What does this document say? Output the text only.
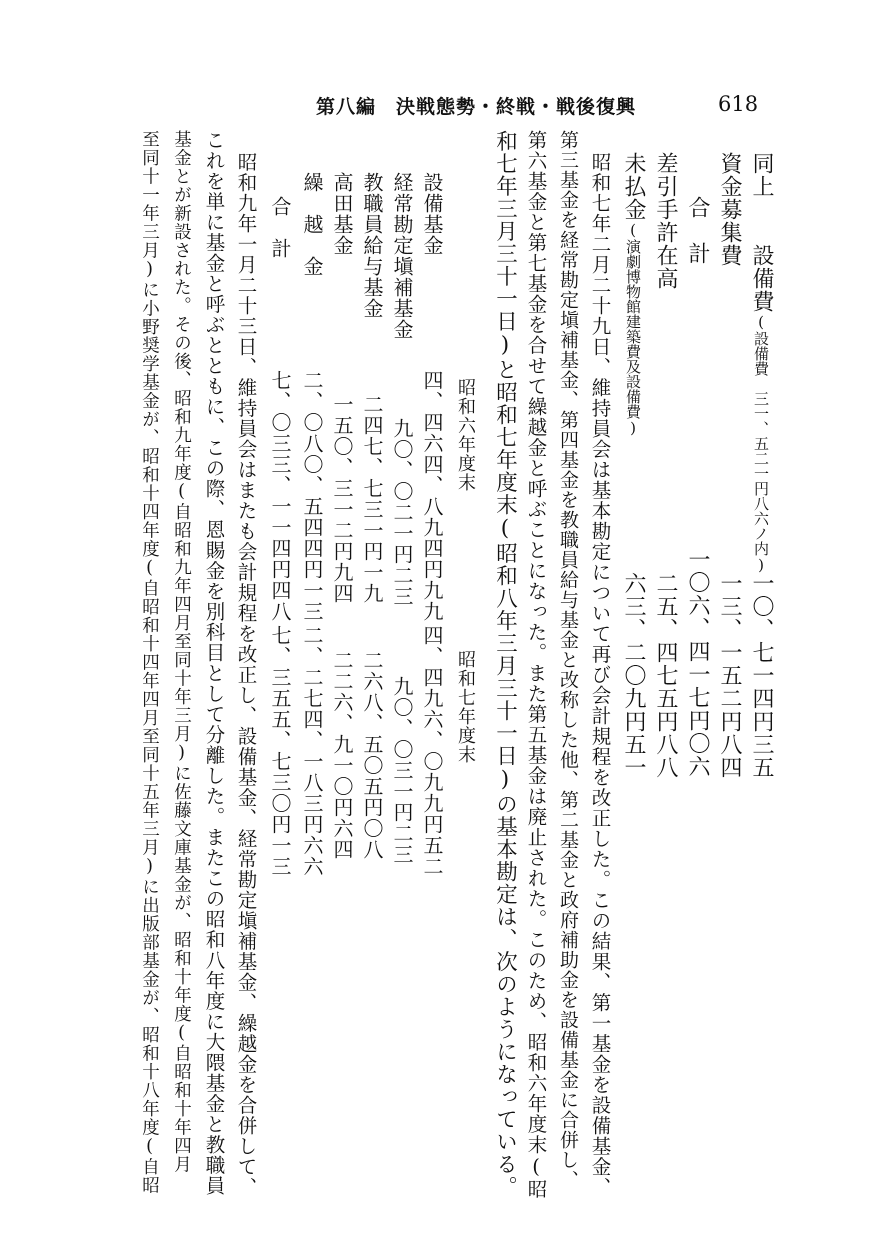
第八編　決戦態勢・終戦・戦後復興	618
同上　　設備費(設備費　三一、五二一円八六ノ内)
一〇、七一四円三五
資金募集費
一三、一五二円八四
合　計
一〇六、四一七円〇六
差引手許在高
二五、四七五円八八
未払金(演劇博物館建築費及設備費)
六三、二〇九円五一
昭和七年二月二十九日、維持員会は基本勘定について再び会計規程を改正した。この結果、第一基金を設備基金、
第三基金を経常勘定塡補基金、第四基金を教職員給与基金と改称した他、第二基金と政府補助金を設備基金に合併し、
第六基金と第七基金を合せて繰越金と呼ぶことになった。また第五基金は廃止された。このため、昭和六年度末(昭
和七年三月三十一日)と昭和七年度末(昭和八年三月三十一日)の基本勘定は、次のようになっている。
昭和六年度末
昭和七年度末
設備基金
四、四六四、八九四円九九
四、四九六、〇九九円五二
経常勘定塡補基金
九〇、〇二一円二三
九〇、〇三一円二三
教職員給与基金
二四七、七三一円一九
二六八、五〇五円〇八
高田基金
一五〇、三一二円九四
二二六、九一〇円六四
繰　越　金
二、〇八〇、五四四円一三
二、二七四、一八三円六六
合　計
七、〇三三、一一四円四八
七、三五五、七三〇円一三
昭和九年一月二十三日、維持員会はまたも会計規程を改正し、設備基金、経常勘定塡補基金、繰越金を合併して、
これを単に基金と呼ぶとともに、この際、恩賜金を別科目として分離した。またこの昭和八年度に大隈基金と教職員
基金とが新設された。その後、昭和九年度(自昭和九年四月至同十年三月)に佐藤文庫基金が、昭和十年度(自昭和十年四月
至同十一年三月)に小野奨学基金が、昭和十四年度(自昭和十四年四月至同十五年三月)に出版部基金が、昭和十八年度(自昭
